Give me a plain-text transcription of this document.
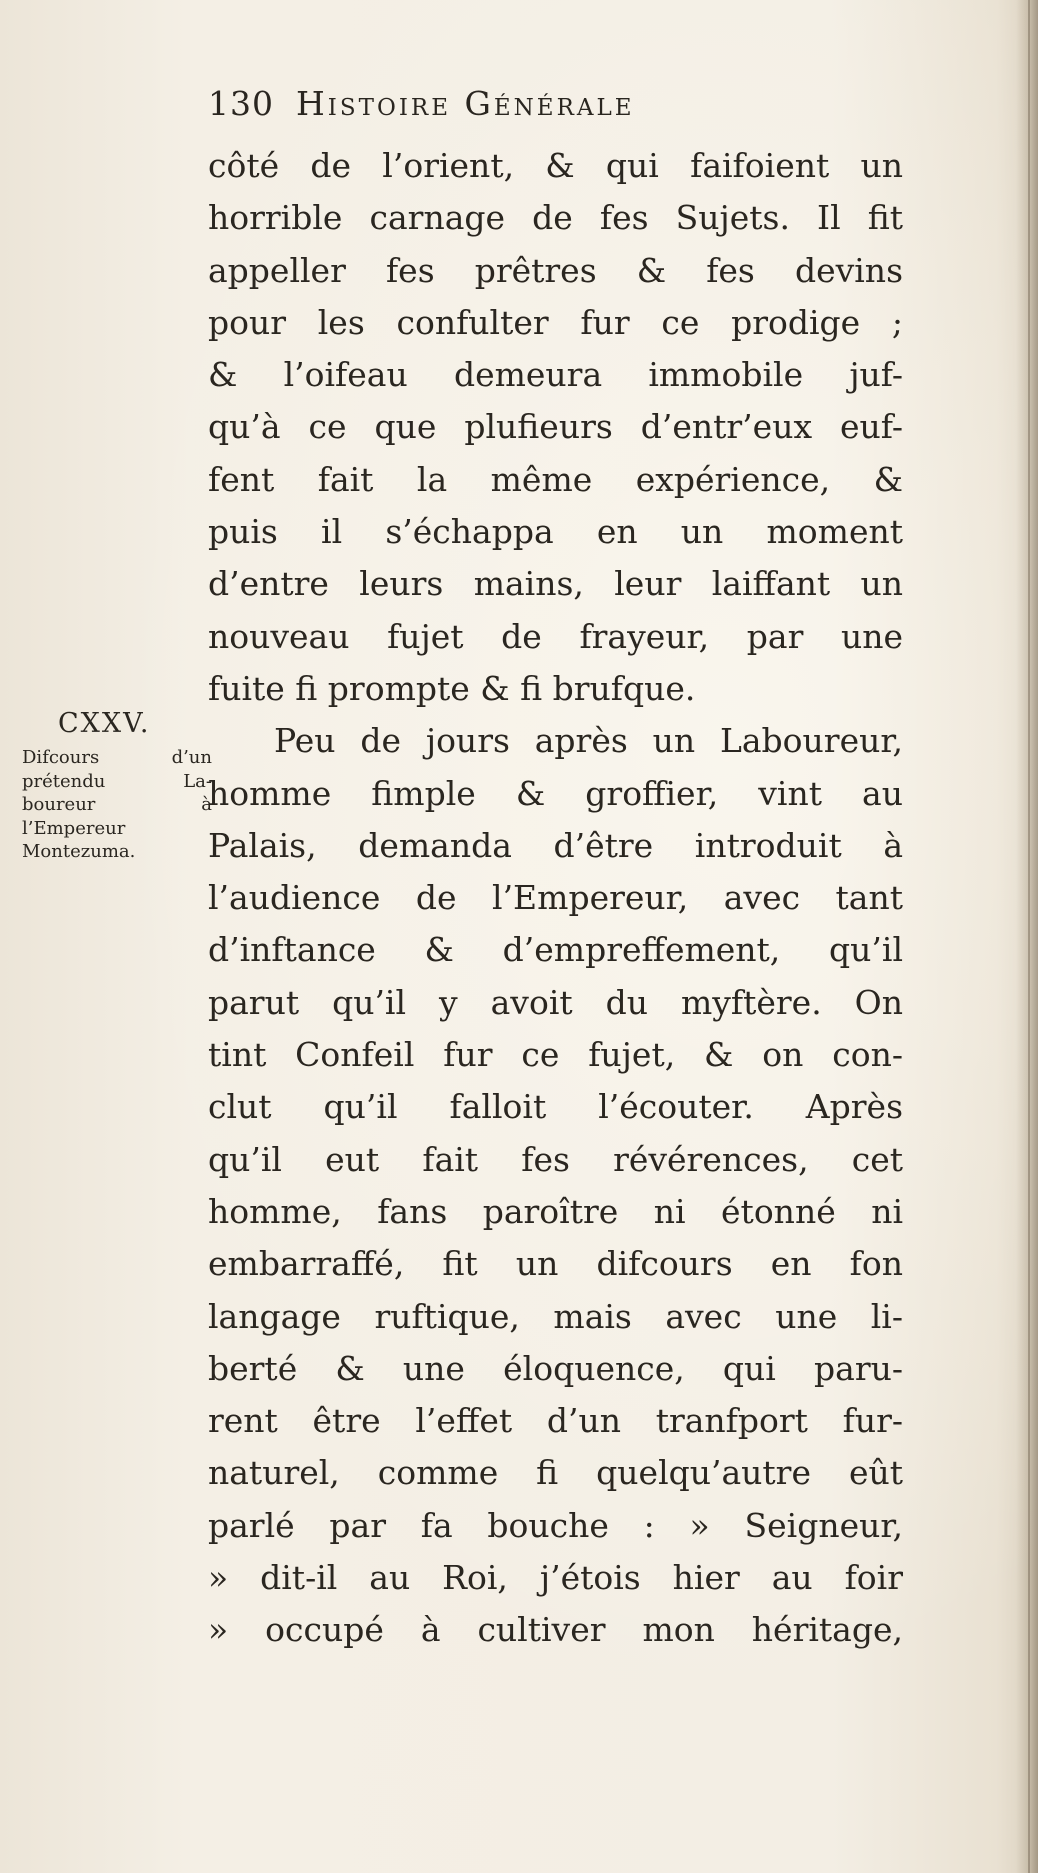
130 Histoire Générale
côté de l’orient, & qui faifoient un
horrible carnage de fes Sujets. Il fit
appeller fes prêtres & fes devins
pour les confulter fur ce prodige ;
& l’oifeau demeura immobile juf-
qu’à ce que plufieurs d’entr’eux euf-
fent fait la même expérience, &
puis il s’échappa en un moment
d’entre leurs mains, leur laiffant un
nouveau fujet de frayeur, par une
fuite fi prompte & fi brufque.
Peu de jours après un Laboureur,
homme fimple & groffier, vint au
Palais, demanda d’être introduit à
l’audience de l’Empereur, avec tant
d’inftance & d’empreffement, qu’il
parut qu’il y avoit du myftère. On
tint Confeil fur ce fujet, & on con-
clut qu’il falloit l’écouter. Après
qu’il eut fait fes révérences, cet
homme, fans paroître ni étonné ni
embarraffé, fit un difcours en fon
langage ruftique, mais avec une li-
berté & une éloquence, qui paru-
rent être l’effet d’un tranfport fur-
naturel, comme fi quelqu’autre eût
parlé par fa bouche : » Seigneur,
» dit-il au Roi, j’étois hier au foir
» occupé à cultiver mon héritage,
CXXV.
Difcours d’un
prétendu La-
boureur à
l’Empereur
Montezuma.
